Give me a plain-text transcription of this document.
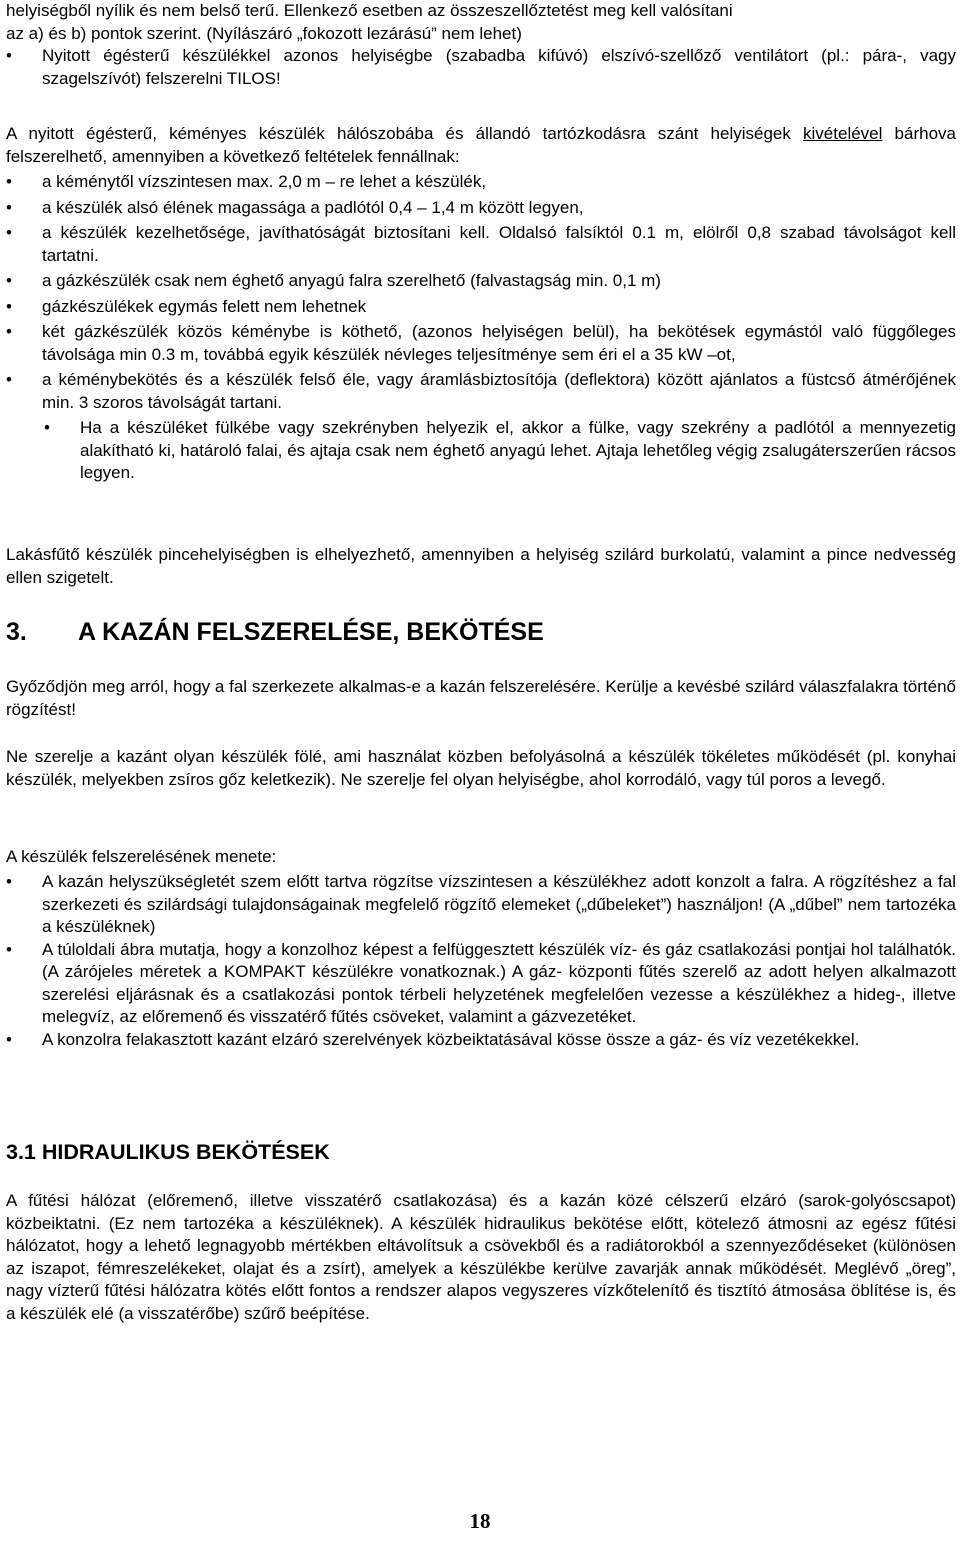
helyiségből nyílik és nem belső terű. Ellenkező esetben az összeszellőztetést meg kell valósítani
az a) és b) pontok szerint. (Nyílászáró „fokozott lezárású” nem lehet)
• Nyitott égésterű készülékkel azonos helyiségbe (szabadba kifúvó) elszívó-szellőző ventilátort (pl.: pára-, vagy szagelszívót) felszerelni TILOS!
A nyitott égésterű, kéményes készülék hálószobába és állandó tartózkodásra szánt helyiségek kivételével bárhova felszerelhető, amennyiben a következő feltételek fennállnak:
• a kéménytől vízszintesen max. 2,0 m – re lehet a készülék,
• a készülék alsó élének magassága a padlótól 0,4 – 1,4 m között legyen,
• a készülék kezelhetősége, javíthatóságát biztosítani kell. Oldalsó falsíktól 0.1 m, elölről 0,8 szabad távolságot kell tartatni.
• a gázkészülék csak nem éghető anyagú falra szerelhető (falvastagság min. 0,1 m)
• gázkészülékek egymás felett nem lehetnek
• két gázkészülék közös kéménybe is köthető, (azonos helyiségen belül), ha bekötések egymástól való függőleges távolsága min 0.3 m, továbbá egyik készülék névleges teljesítménye sem éri el a 35 kW –ot,
• a kéménybekötés és a készülék felső éle, vagy áramlásbiztosítója (deflektora) között ajánlatos a füstcső átmérőjének min. 3 szoros távolságát tartani.
• Ha a készüléket fülkébe vagy szekrényben helyezik el, akkor a fülke, vagy szekrény a padlótól a mennyezetig alakítható ki, határoló falai, és ajtaja csak nem éghető anyagú lehet. Ajtaja lehetőleg végig zsalugáterszerűen rácsos legyen.
Lakásfűtő készülék pincehelyiségben is elhelyezhető, amennyiben a helyiség szilárd burkolatú, valamint a pince nedvesség ellen szigetelt.
3.	A KAZÁN FELSZERELÉSE, BEKÖTÉSE
Győződjön meg arról, hogy a fal szerkezete alkalmas-e a kazán felszerelésére. Kerülje a kevésbé szilárd válaszfalakra történő rögzítést!
Ne szerelje a kazánt olyan készülék fölé, ami használat közben befolyásolná a készülék tökéletes működését (pl. konyhai készülék, melyekben zsíros gőz keletkezik). Ne szerelje fel olyan helyiségbe, ahol korrodáló, vagy túl poros a levegő.
A készülék felszerelésének menete:
• A kazán helyszükségletét szem előtt tartva rögzítse vízszintesen a készülékhez adott konzolt a falra. A rögzítéshez a fal szerkezeti és szilárdsági tulajdonságainak megfelelő rögzítő elemeket („dűbeleket”) használjon! (A „dűbel” nem tartozéka a készüléknek)
• A túloldali ábra mutatja, hogy a konzolhoz képest a felfüggesztett készülék víz- és gáz csatlakozási pontjai hol találhatók. (A zárójeles méretek a KOMPAKT készülékre vonatkoznak.) A gáz- központi fűtés szerelő az adott helyen alkalmazott szerelési eljárásnak és a csatlakozási pontok térbeli helyzetének megfelelően vezesse a készülékhez a hideg-, illetve melegvíz, az előremenő és visszatérő fűtés csöveket, valamint a gázvezetéket.
• A konzolra felakasztott kazánt elzáró szerelvények közbeiktatásával kösse össze a gáz- és víz vezetékekkel.
3.1 HIDRAULIKUS BEKÖTÉSEK
A fűtési hálózat (előremenő, illetve visszatérő csatlakozása) és a kazán közé célszerű elzáró (sarok-golyóscsapot) közbeiktatni. (Ez nem tartozéka a készüléknek). A készülék hidraulikus bekötése előtt, kötelező átmosni az egész fűtési hálózatot, hogy a lehető legnagyobb mértékben eltávolítsuk a csövekből és a radiátorokból a szennyeződéseket (különösen az iszapot, fémreszelékeket, olajat és a zsírt), amelyek a készülékbe kerülve zavarják annak működését. Meglévő „öreg”, nagy vízterű fűtési hálózatra kötés előtt fontos a rendszer alapos vegyszeres vízkőtelenítő és tisztító átmosása öblítése is, és a készülék elé (a visszatérőbe) szűrő beépítése.
18
